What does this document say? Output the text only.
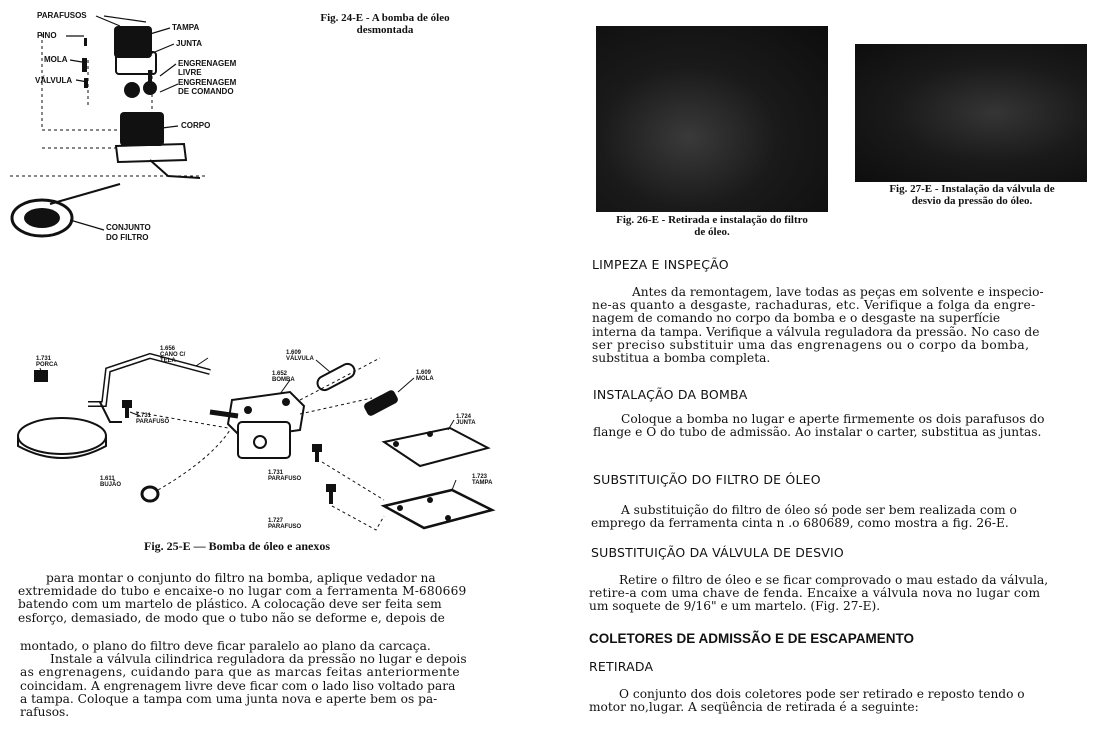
PARAFUSOS
PINO
MOLA
VÁLVULA
TAMPA
JUNTA
ENGRENAGEM
LIVRE
ENGRENAGEM
DE COMANDO
CORPO
CONJUNTO
DO FILTRO
Fig. 24-E - A bomba de óleo
desmontada
1.731
PORCA
1.656
CANO C/
TELA
1.731
PARAFUSO
1.609
VÁLVULA
1.652
BOMBA
1.609
MOLA
1.724
JUNTA
1.731
PARAFUSO
1.611
BUJÃO
1.723
TAMPA
1.727
PARAFUSO
Fig. 25-E — Bomba de óleo e anexos
para montar o conjunto do filtro na bomba, aplique vedador na
extremidade do tubo e encaixe-o no lugar com a ferramenta M-680669
batendo com um martelo de plástico. A colocação deve ser feita sem
esforço, demasiado, de modo que o tubo não se deforme e, depois de
montado, o plano do filtro deve ficar paralelo ao plano da carcaça.
Instale a válvula cilindrica reguladora da pressão no lugar e depois
as engrenagens, cuidando para que as marcas feitas anteriormente
coincidam. A engrenagem livre deve ficar com o lado liso voltado para
a tampa. Coloque a tampa com uma junta nova e aperte bem os pa-
rafusos.
Fig. 26-E - Retirada e instalação do filtro
de óleo.
Fig. 27-E - Instalação da válvula de
desvio da pressão do óleo.
LIMPEZA E INSPEÇÃO
Antes da remontagem, lave todas as peças em solvente e inspecio-
ne-as quanto a desgaste, rachaduras, etc. Verifique a folga da engre-
nagem de comando no corpo da bomba e o desgaste na superfície
interna da tampa. Verifique a válvula reguladora da pressão. No caso de
ser preciso substituir uma das engrenagens ou o corpo da bomba,
substitua a bomba completa.
INSTALAÇÃO DA BOMBA
Coloque a bomba no lugar e aperte firmemente os dois parafusos do
flange e O do tubo de admissão. Ao instalar o carter, substitua as juntas.
SUBSTITUIÇÃO DO FILTRO DE ÓLEO
A substituição do filtro de óleo só pode ser bem realizada com o
emprego da ferramenta cinta n .o 680689, como mostra a fig. 26-E.
SUBSTITUIÇÃO DA VÁLVULA DE DESVIO
Retire o filtro de óleo e se ficar comprovado o mau estado da válvula,
retire-a com uma chave de fenda. Encaixe a válvula nova no lugar com
um soquete de 9/16" e um martelo. (Fig. 27-E).
COLETORES DE ADMISSÃO E DE ESCAPAMENTO
RETIRADA
O conjunto dos dois coletores pode ser retirado e reposto tendo o
motor no,lugar. A seqüência de retirada é a seguinte:
